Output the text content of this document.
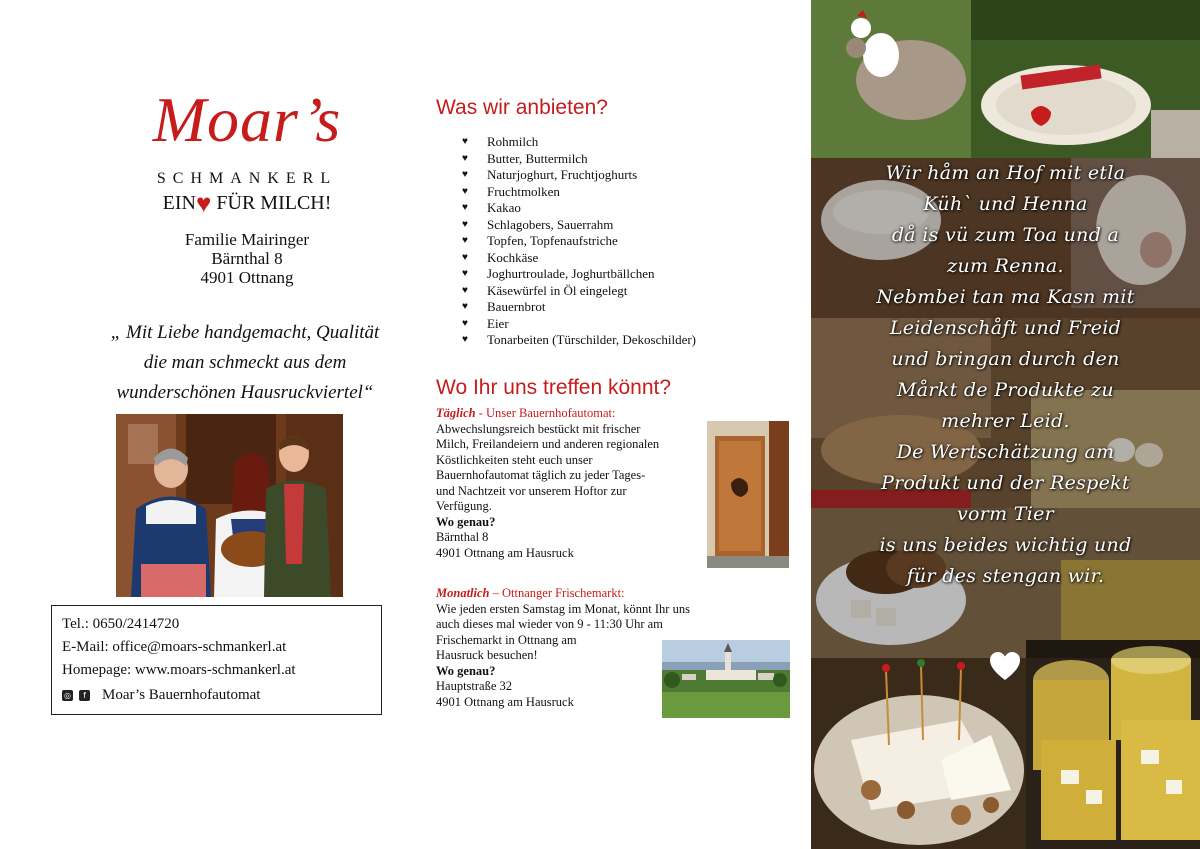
Moar’s
SCHMANKERL
EIN♥ FÜR MILCH!
Familie Mairinger
Bärnthal 8
4901 Ottnang
„ Mit Liebe handgemacht, Qualität
die man schmeckt aus dem
wunderschönen Hausruckviertel“
Tel.: 0650/2414720
E-Mail: office@moars-schmankerl.at
Homepage: www.moars-schmankerl.at
◎	f Moar’s Bauernhofautomat
Was wir anbieten?
♥	Rohmilch
♥	Butter, Buttermilch
♥	Naturjoghurt, Fruchtjoghurts
♥	Fruchtmolken
♥	Kakao
♥	Schlagobers, Sauerrahm
♥	Topfen, Topfenaufstriche
♥	Kochkäse
♥	Joghurtroulade, Joghurtbällchen
♥	Käsewürfel in Öl eingelegt
♥	Bauernbrot
♥	Eier
♥	Tonarbeiten (Türschilder, Dekoschilder)
Wo Ihr uns treffen könnt?
Täglich - Unser Bauernhofautomat:
Abwechslungsreich bestückt mit frischer
Milch, Freilandeiern und anderen regionalen
Köstlichkeiten steht euch unser
Bauernhofautomat täglich zu jeder Tages-
und Nachtzeit vor unserem Hoftor zur
Verfügung.
Wo genau?
Bärnthal 8
4901 Ottnang am Hausruck
Monatlich – Ottnanger Frischemarkt:
Wie jeden ersten Samstag im Monat, könnt Ihr uns
auch dieses mal wieder von 9 - 11:30 Uhr am
Frischemarkt in Ottnang am
Hausruck besuchen!
Wo genau?
Hauptstraße 32
4901 Ottnang am Hausruck

Wir håm an Hof mit etla

Küh` und Henna

då is vü zum Toa und a

zum Renna.

Nebmbei tan ma Kasn mit

Leidenschåft und Freid

und bringan durch den

Mårkt de Produkte zu

mehrer Leid.

De Wertschätzung am

Produkt und der Respekt

vorm Tier

is uns beides wichtig und

für des stengan wir.
